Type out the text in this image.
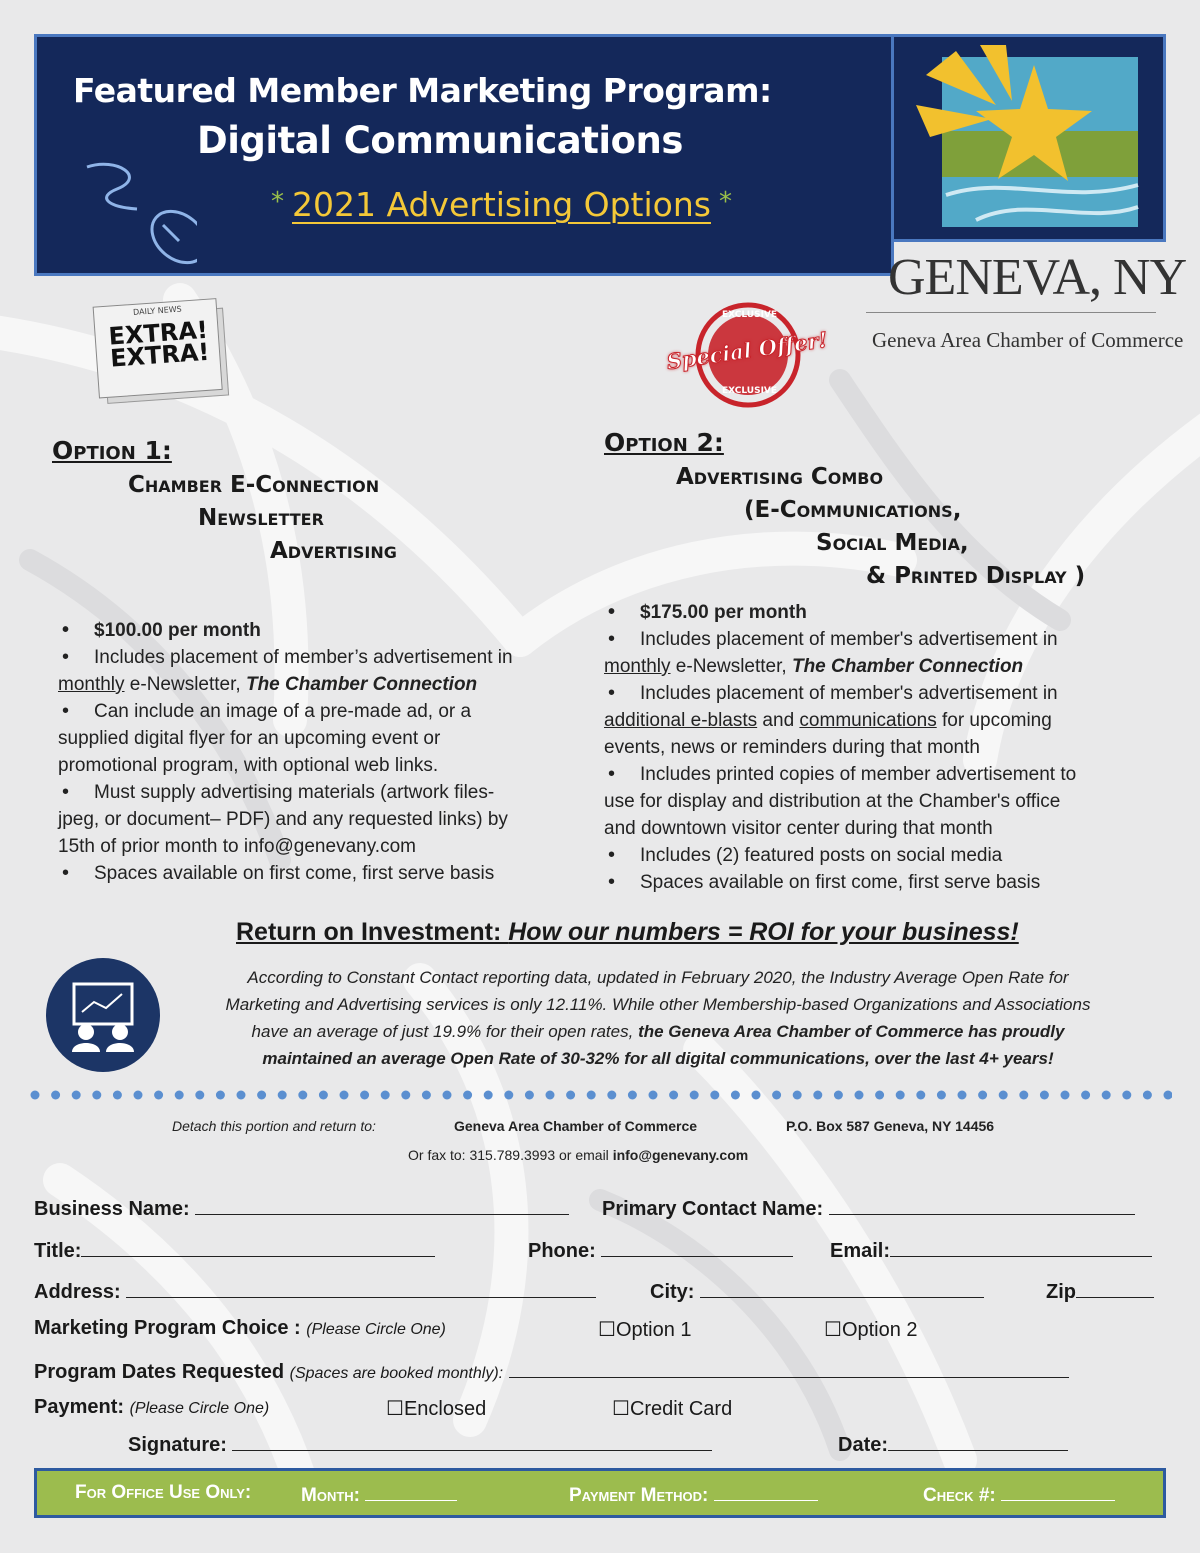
Featured Member Marketing Program:
Digital Communications
* 2021 Advertising Options *
GENEVA, NY
Geneva Area Chamber of Commerce
DAILY NEWS
EXTRA! EXTRA!
EXCLUSIVE
Special Offer!
EXCLUSIVE
Option 1:
Chamber E-Connection
Newsletter
Advertising
• $100.00 per month
• Includes placement of member’s advertisement in
monthly e-Newsletter, The Chamber Connection
• Can include an image of a pre-made ad, or a
supplied digital flyer for an upcoming event or
promotional program, with optional web links.
• Must supply advertising materials (artwork files-
jpeg, or document– PDF) and any requested links) by
15th of prior month to info@genevany.com
• Spaces available on first come, first serve basis
Option 2:
Advertising Combo
(E-Communications,
Social Media,
& Printed Display )
• $175.00 per month
• Includes placement of member's advertisement in
monthly e-Newsletter, The Chamber Connection
• Includes placement of member's advertisement in
additional e-blasts and communications for upcoming
events, news or reminders during that month
• Includes printed copies of member advertisement to
use for display and distribution at the Chamber's office
and downtown visitor center during that month
• Includes (2) featured posts on social media
• Spaces available on first come, first serve basis
Return on Investment: How our numbers = ROI for your business!
According to Constant Contact reporting data, updated in February 2020, the Industry Average Open Rate for
Marketing and Advertising services is only 12.11%. While other Membership-based Organizations and Associations
have an average of just 19.9% for their open rates, the Geneva Area Chamber of Commerce has proudly
maintained an average Open Rate of 30-32% for all digital communications, over the last 4+ years!
Detach this portion and return to:	Geneva Area Chamber of Commerce	P.O. Box 587 Geneva, NY 14456
Or fax to: 315.789.3993 or email info@genevany.com
Business Name:	Primary Contact Name:
Title:	Phone:	Email:
Address:	City:	Zip
Marketing Program Choice : (Please Circle One)	☐Option 1	☐Option 2
Program Dates Requested (Spaces are booked monthly):
Payment: (Please Circle One)	☐Enclosed	☐Credit Card
Signature:	Date:
For Office Use Only:	Month:	Payment Method:	Check #:
